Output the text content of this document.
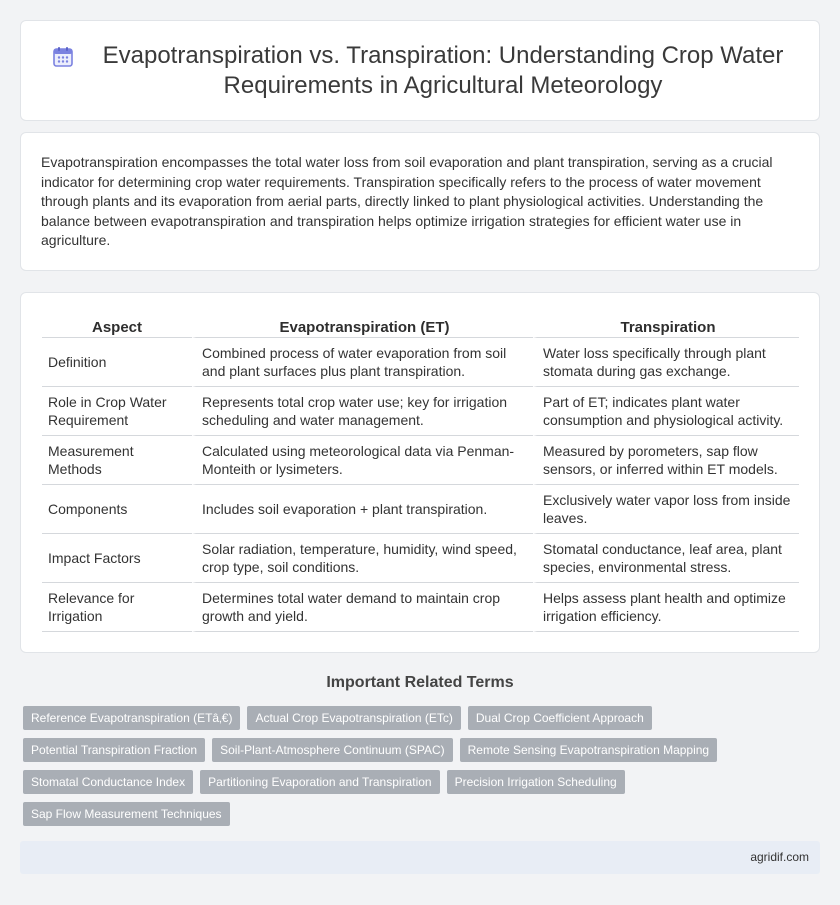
Evapotranspiration vs. Transpiration: Understanding Crop Water Requirements in Agricultural Meteorology

Evapotranspiration encompasses the total water loss from soil evaporation and plant transpiration, serving as a crucial indicator for determining crop water requirements. Transpiration specifically refers to the process of water movement through plants and its evaporation from aerial parts, directly linked to plant physiological activities. Understanding the balance between evapotranspiration and transpiration helps optimize irrigation strategies for efficient water use in agriculture.

Aspect	Evapotranspiration (ET)	Transpiration
Definition	Combined process of water evaporation from soil and plant surfaces plus plant transpiration.	Water loss specifically through plant stomata during gas exchange.
Role in Crop Water Requirement	Represents total crop water use; key for irrigation scheduling and water management.	Part of ET; indicates plant water consumption and physiological activity.
Measurement Methods	Calculated using meteorological data via Penman-Monteith or lysimeters.	Measured by porometers, sap flow sensors, or inferred within ET models.
Components	Includes soil evaporation + plant transpiration.	Exclusively water vapor loss from inside leaves.
Impact Factors	Solar radiation, temperature, humidity, wind speed, crop type, soil conditions.	Stomatal conductance, leaf area, plant species, environmental stress.
Relevance for Irrigation	Determines total water demand to maintain crop growth and yield.	Helps assess plant health and optimize irrigation efficiency.
Important Related Terms
Reference Evapotranspiration (ETâ‚€)	Actual Crop Evapotranspiration (ETc)	Dual Crop Coefficient Approach
Potential Transpiration Fraction	Soil-Plant-Atmosphere Continuum (SPAC)	Remote Sensing Evapotranspiration Mapping
Stomatal Conductance Index	Partitioning Evaporation and Transpiration	Precision Irrigation Scheduling
Sap Flow Measurement Techniques
agridif.com
